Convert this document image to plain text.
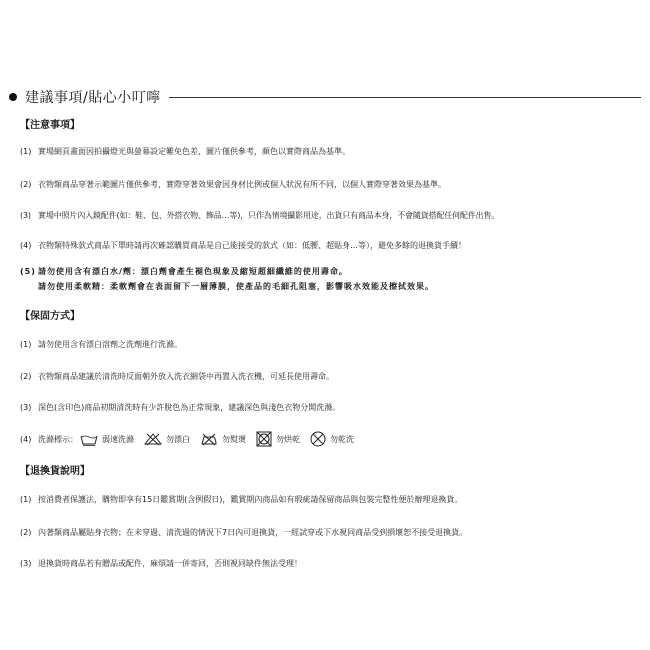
建議事項/貼心小叮嚀
【注意事項】
(1) 實場網頁畫面因拍攝燈光與螢幕設定難免色差，圖片僅供參考，顏色以實際商品為基準。
(2) 衣物類商品穿著示範圖片僅供參考，實際穿著效果會因身材比例或個人狀況有所不同，以個人實際穿著效果為基準。
(3) 實場中照片內入鏡配件(如：鞋、包、外搭衣物、飾品…等)，只作為情境攝影用途，出貨只有商品本身，不會隨貨搭配任何配件出售。
(4) 衣物類特殊款式商品下單時請再次確認購買商品是自己能接受的款式（如：低腰、超貼身…等），避免多餘的退換貨手續！
(5) 請勿使用含有漂白水/劑：漂白劑會產生褪色現象及縮短超細纖維的使用壽命。
請勿使用柔軟精：柔軟劑會在表面留下一層薄膜，使產品的毛細孔阻塞，影響吸水效能及擦拭效果。
【保固方式】
(1) 請勿使用含有漂白溶劑之洗劑進行洗滌。
(2) 衣物類商品建議於清洗時反面朝外放入洗衣網袋中再置入洗衣機，可延長使用壽命。
(3) 深色(含印色)商品初期清洗時有少許脫色為正常現象，建議深色與淺色衣物分開洗滌。
(4) 洗滌標示：	弱速洗滌	勿漂白	勿熨燙	勿烘乾	勿乾洗
【退換貨說明】
(1) 按消費者保護法，購物即享有15日鑑賞期(含例假日)，鑑賞期內商品如有瑕疵請保留商品與包裝完整性便於辦理退換貨。
(2) 內著類商品屬貼身衣物；在未穿過、清洗過的情況下7日內可退換貨，一經試穿或下水視同商品受到損壞恕不接受退換貨。
(3) 退換貨時商品若有贈品或配件，麻煩請一併寄回，否則視同缺件無法受理！
